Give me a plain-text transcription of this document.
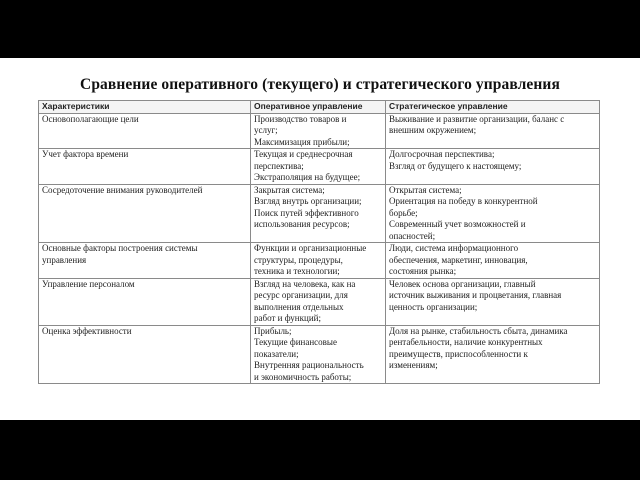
Сравнение оперативного (текущего) и стратегического управления
Характеристики	Оперативное управление	Стратегическое управление

Основополагающие цели	Производство товаров и
услуг;
Максимизация прибыли;	Выживание и развитие организации, баланс с
внешним окружением;

Учет фактора времени	Текущая и среднесрочная
перспектива;
Экстраполяция на будущее;	Долгосрочная перспектива;
Взгляд от будущего к настоящему;

Сосредоточение внимания руководителей	Закрытая система;
Взгляд внутрь организации;
Поиск путей эффективного
использования ресурсов;	Открытая система;
Ориентация на победу в конкурентной
борьбе;
Современный учет возможностей и
опасностей;

Основные факторы построения системы
управления	Функции и организационные
структуры, процедуры,
техника и технологии;	Люди, система информационного
обеспечения, маркетинг, инновация,
состояния рынка;

Управление персоналом	Взгляд на человека, как на
ресурс организации, для
выполнения отдельных
работ и функций;	Человек основа организации, главный
источник выживания и процветания, главная
ценность организации;

Оценка эффективности	Прибыль;
Текущие финансовые
показатели;
Внутренняя рациональность
и экономичность работы;	Доля на рынке, стабильность сбыта, динамика
рентабельности, наличие конкурентных
преимуществ, приспособленности к
изменениям;
